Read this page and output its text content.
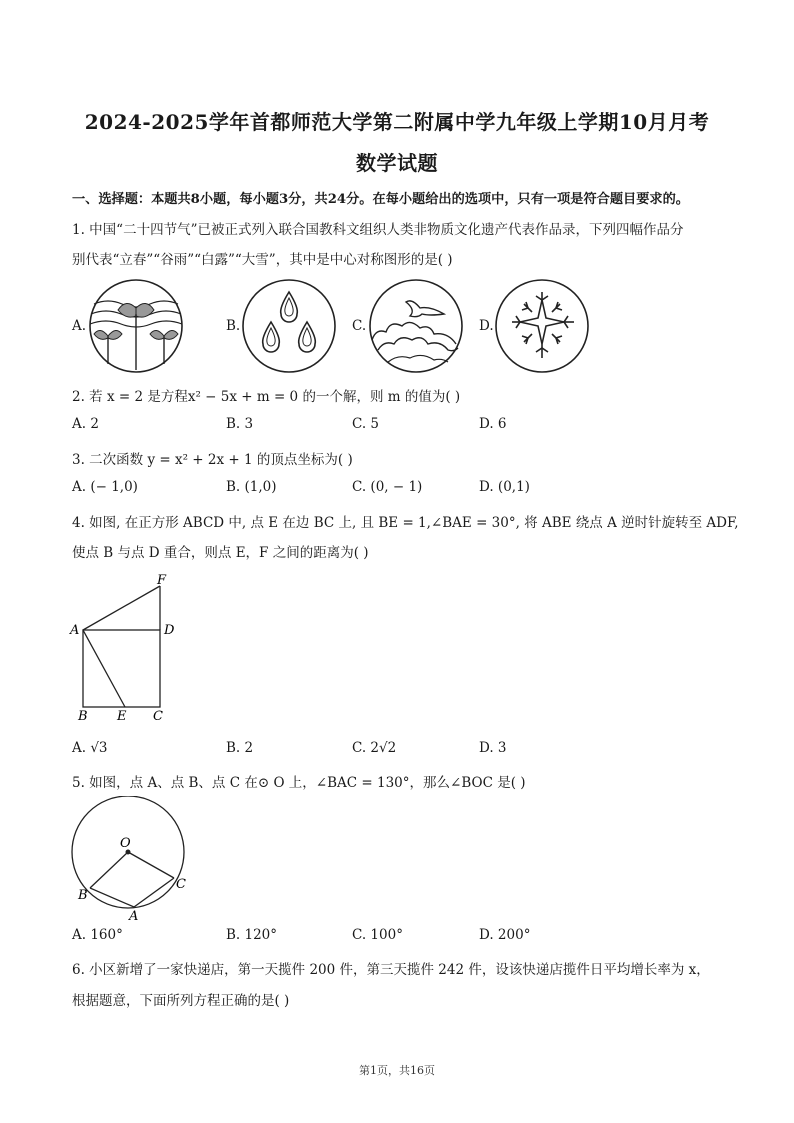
2024-2025学年首都师范大学第二附属中学九年级上学期10月月考
数学试题
一、选择题：本题共8小题，每小题3分，共24分。在每小题给出的选项中，只有一项是符合题目要求的。
1. 中国“二十四节气”已被正式列入联合国教科文组织人类非物质文化遗产代表作品录，下列四幅作品分
别代表“立春”“谷雨”“白露”“大雪”，其中是中心对称图形的是( )
A.	B.	C.	D.
2. 若 x = 2 是方程x² − 5x + m = 0 的一个解，则 m 的值为( )
A. 2	B. 3	C. 5	D. 6
3. 二次函数 y = x² + 2x + 1 的顶点坐标为( )
A. (− 1,0)	B. (1,0)	C. (0, − 1)	D. (0,1)
4. 如图, 在正方形 ABCD 中, 点 E 在边 BC 上, 且 BE = 1,∠BAE = 30°, 将 ABE 绕点 A 逆时针旋转至 ADF,
使点 B 与点 D 重合，则点 E，F 之间的距离为( )
F
A	D
B E C
A. √3	B. 2	C. 2√2	D. 3
5. 如图，点 A、点 B、点 C 在⊙ O 上，∠BAC = 130°，那么∠BOC 是( )
O
B
C
A
A. 160°	B. 120°	C. 100°	D. 200°
6. 小区新增了一家快递店，第一天揽件 200 件，第三天揽件 242 件，设该快递店揽件日平均增长率为 x，
根据题意，下面所列方程正确的是( )
第1页，共16页
